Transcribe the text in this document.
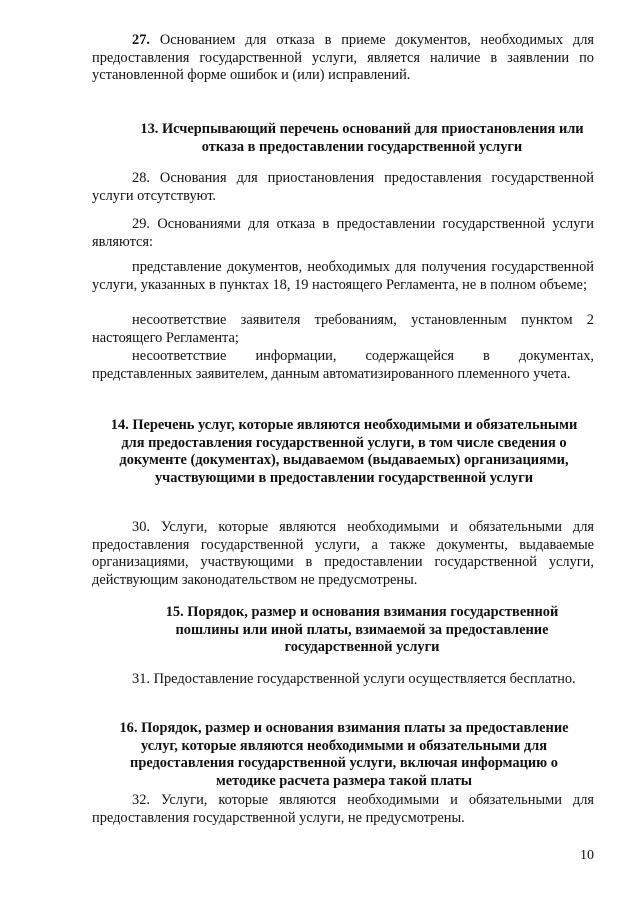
27. Основанием для отказа в приеме документов, необходимых для предоставления государственной услуги, является наличие в заявлении по установленной форме ошибок и (или) исправлений.
13. Исчерпывающий перечень оснований для приостановления или отказа в предоставлении государственной услуги
28. Основания для приостановления предоставления государственной услуги отсутствуют.
29. Основаниями для отказа в предоставлении государственной услуги являются:
представление документов, необходимых для получения государственной услуги, указанных в пунктах 18, 19 настоящего Регламента, не в полном объеме;
несоответствие заявителя требованиям, установленным пунктом 2 настоящего Регламента;
несоответствие информации, содержащейся в документах, представленных заявителем, данным автоматизированного племенного учета.
14. Перечень услуг, которые являются необходимыми и обязательными для предоставления государственной услуги, в том числе сведения о документе (документах), выдаваемом (выдаваемых) организациями, участвующими в предоставлении государственной услуги
30. Услуги, которые являются необходимыми и обязательными для предоставления государственной услуги, а также документы, выдаваемые организациями, участвующими в предоставлении государственной услуги, действующим законодательством не предусмотрены.
15. Порядок, размер и основания взимания государственной пошлины или иной платы, взимаемой за предоставление государственной услуги
31. Предоставление государственной услуги осуществляется бесплатно.
16. Порядок, размер и основания взимания платы за предоставление услуг, которые являются необходимыми и обязательными для предоставления государственной услуги, включая информацию о методике расчета размера такой платы
32. Услуги, которые являются необходимыми и обязательными для предоставления государственной услуги, не предусмотрены.
10
